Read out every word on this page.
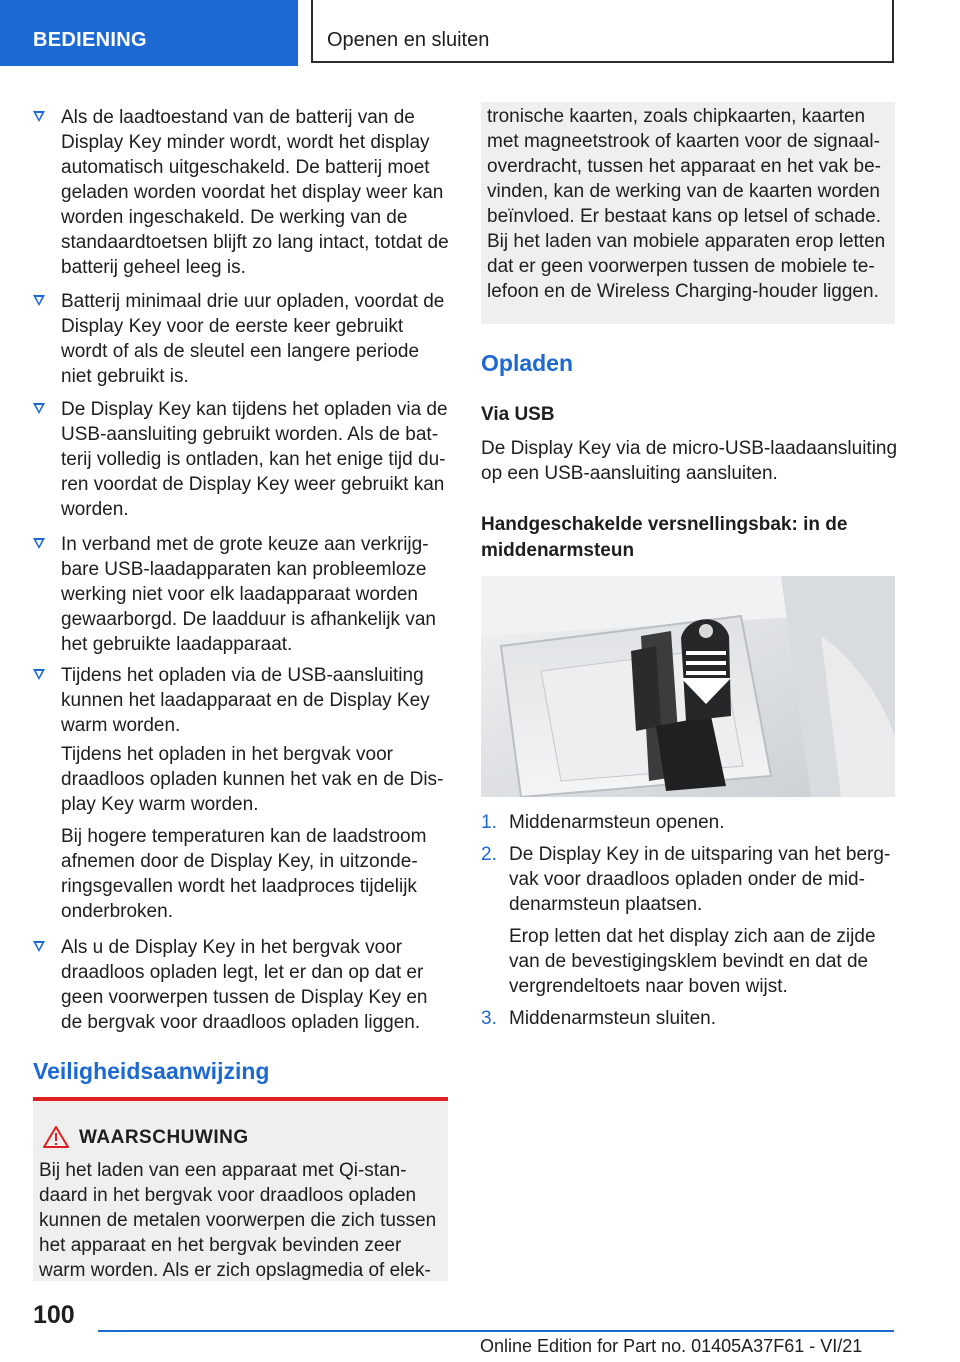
BEDIENING	Openen en sluiten
Als de laadtoestand van de batterij van de Display Key minder wordt, wordt het display automatisch uitgeschakeld. De batterij moet geladen worden voordat het display weer kan worden ingeschakeld. De werking van de standaardtoetsen blijft zo lang intact, totdat de batterij geheel leeg is.
Batterij minimaal drie uur opladen, voordat de Display Key voor de eerste keer gebruikt wordt of als de sleutel een langere periode niet gebruikt is.
De Display Key kan tijdens het opladen via de USB-aansluiting gebruikt worden. Als de batterij volledig is ontladen, kan het enige tijd duren voordat de Display Key weer gebruikt kan worden.
In verband met de grote keuze aan verkrijgbare USB-laadapparaten kan probleemloze werking niet voor elk laadapparaat worden gewaarborgd. De laadduur is afhankelijk van het gebruikte laadapparaat.
Tijdens het opladen via de USB-aansluiting kunnen het laadapparaat en de Display Key warm worden.
Tijdens het opladen in het bergvak voor draadloos opladen kunnen het vak en de Display Key warm worden.
Bij hogere temperaturen kan de laadstroom afnemen door de Display Key, in uitzonderingsgevallen wordt het laadproces tijdelijk onderbroken.
Als u de Display Key in het bergvak voor draadloos opladen legt, let er dan op dat er geen voorwerpen tussen de Display Key en de bergvak voor draadloos opladen liggen.
Veiligheidsaanwijzing
WAARSCHUWING
Bij het laden van een apparaat met Qi-standaard in het bergvak voor draadloos opladen kunnen de metalen voorwerpen die zich tussen het apparaat en het bergvak bevinden zeer warm worden. Als er zich opslagmedia of elek-
tronische kaarten, zoals chipkaarten, kaarten met magneetstrook of kaarten voor de signaaloverdracht, tussen het apparaat en het vak bevinden, kan de werking van de kaarten worden beïnvloed. Er bestaat kans op letsel of schade. Bij het laden van mobiele apparaten erop letten dat er geen voorwerpen tussen de mobiele telefoon en de Wireless Charging-houder liggen.
Opladen
Via USB
De Display Key via de micro-USB-laadaansluiting op een USB-aansluiting aansluiten.
Handgeschakelde versnellingsbak: in de middenarmsteun
1. Middenarmsteun openen.
2. De Display Key in de uitsparing van het bergvak voor draadloos opladen onder de middenarmsteun plaatsen.
Erop letten dat het display zich aan de zijde van de bevestigingsklem bevindt en dat de vergrendeltoets naar boven wijst.
3. Middenarmsteun sluiten.
100
Online Edition for Part no. 01405A37F61 - VI/21
